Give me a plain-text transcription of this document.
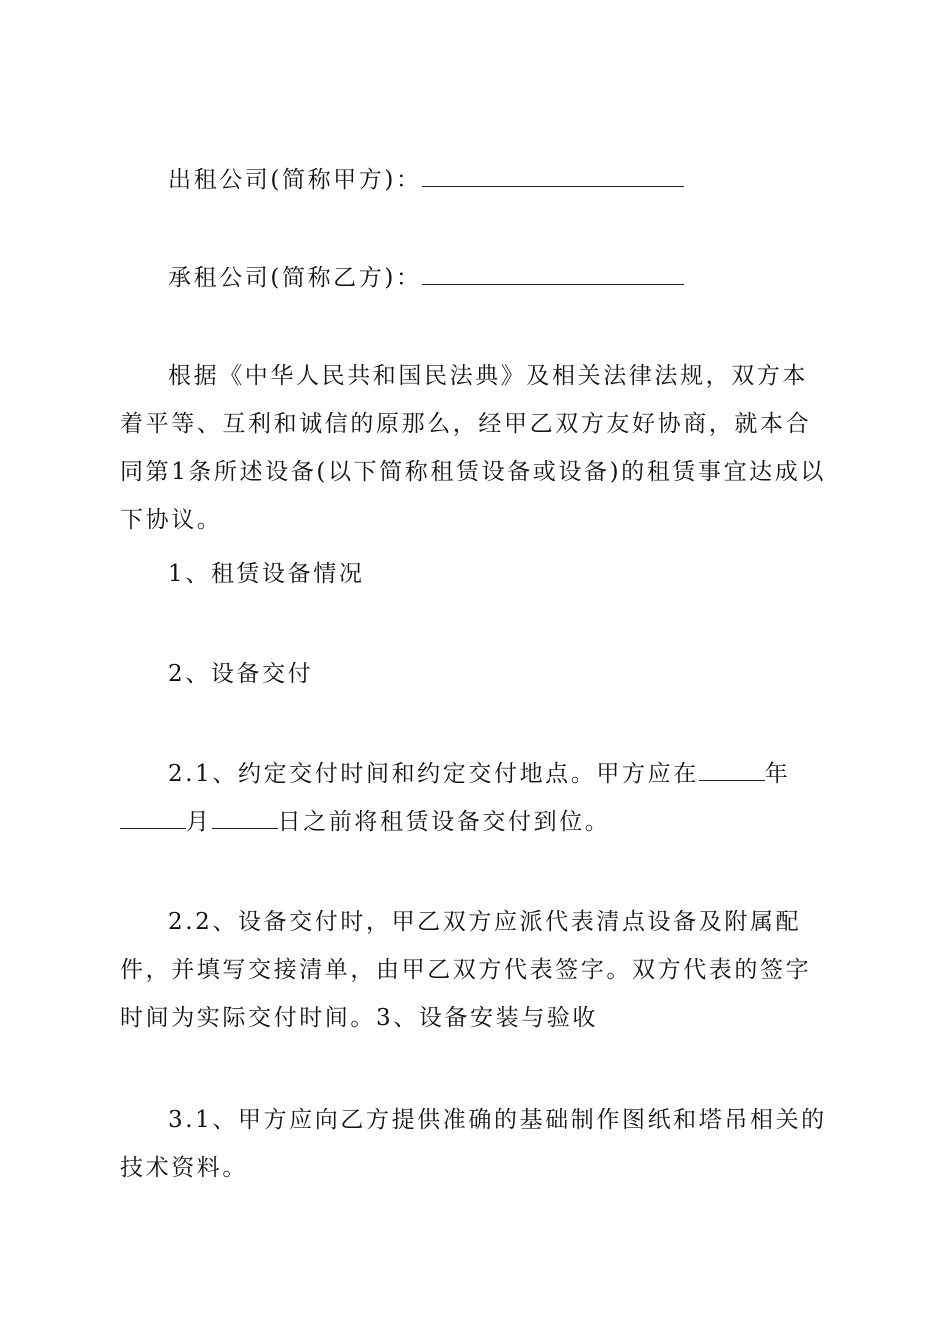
出租公司(简称甲方)：

承租公司(简称乙方)：

根据《中华人民共和国民法典》及相关法律法规，双方本着平等、互利和诚信的原那么，经甲乙双方友好协商，就本合同第1条所述设备(以下简称租赁设备或设备)的租赁事宜达成以下协议。

1、租赁设备情况

2、设备交付

2.1、约定交付时间和约定交付地点。甲方应在	年月	日之前将租赁设备交付到位。

2.2、设备交付时，甲乙双方应派代表清点设备及附属配件，并填写交接清单，由甲乙双方代表签字。双方代表的签字时间为实际交付时间。3、设备安装与验收

3.1、甲方应向乙方提供准确的基础制作图纸和塔吊相关的技术资料。
